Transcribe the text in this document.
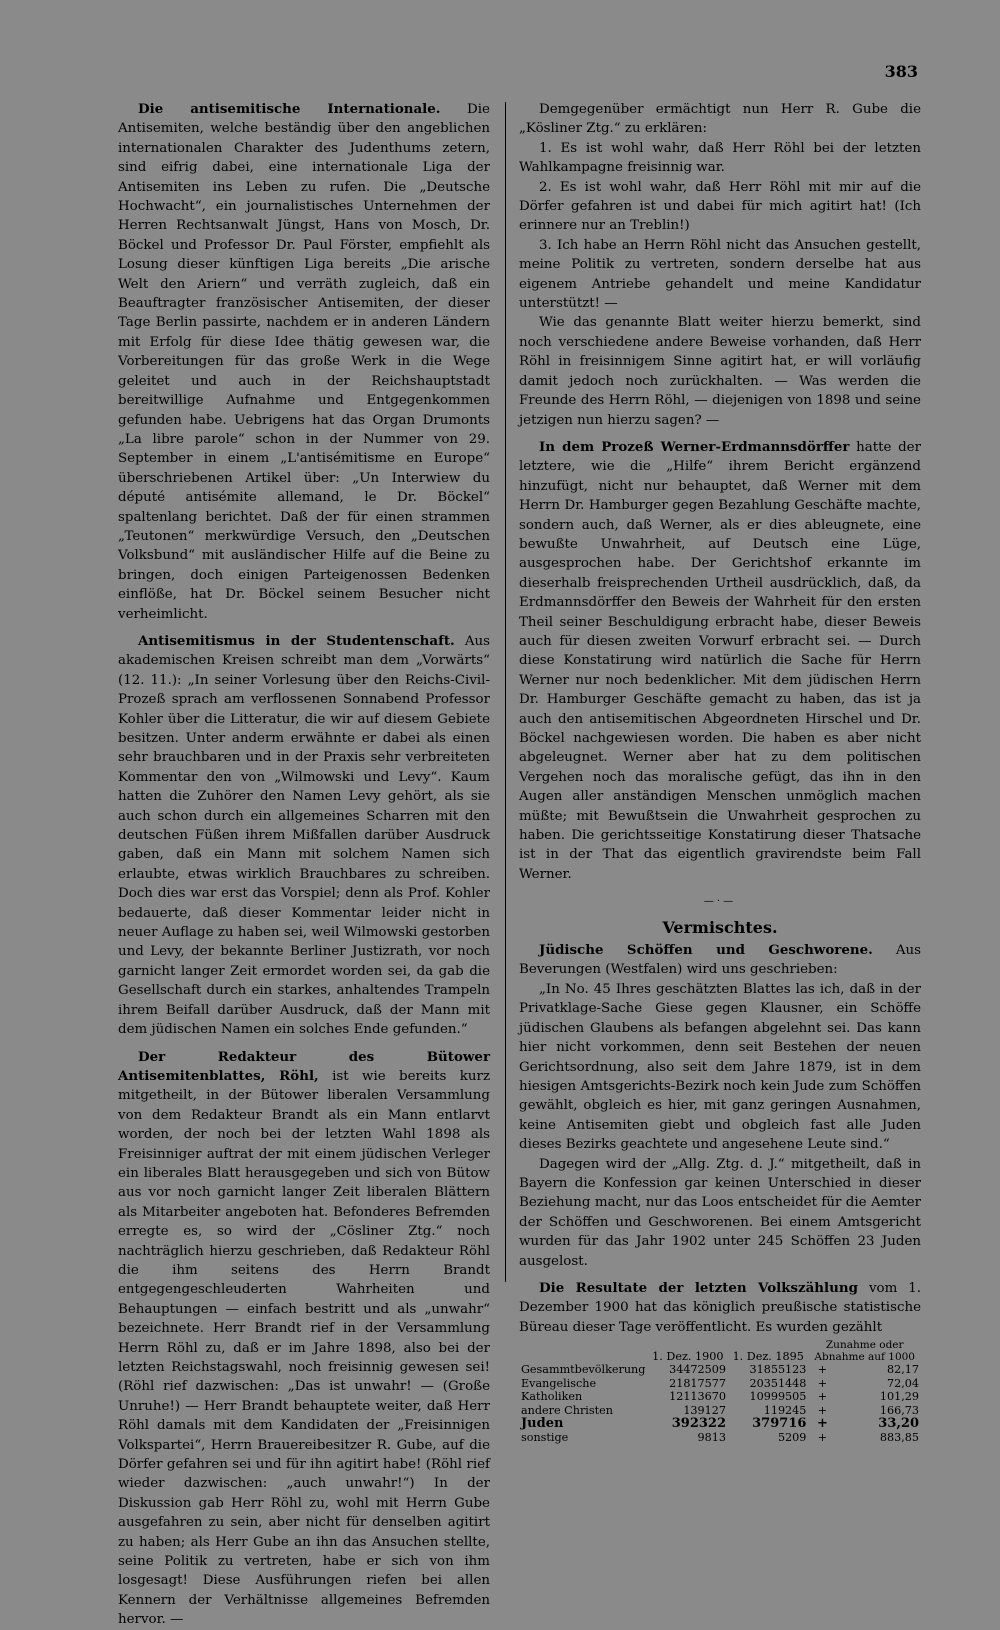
383

Die antisemitische Internationale. Die Antisemiten, welche beständig über den angeblichen internationalen Charakter des Judenthums zetern, sind eifrig dabei, eine internationale Liga der Antisemiten ins Leben zu rufen. Die „Deutsche Hochwacht“, ein journalistisches Unternehmen der Herren Rechtsanwalt Jüngst, Hans von Mosch, Dr. Böckel und Professor Dr. Paul Förster, empfiehlt als Losung dieser künftigen Liga bereits „Die arische Welt den Ariern“ und verräth zugleich, daß ein Beauftragter französischer Antisemiten, der dieser Tage Berlin passirte, nachdem er in anderen Ländern mit Erfolg für diese Idee thätig gewesen war, die Vorbereitungen für das große Werk in die Wege geleitet und auch in der Reichshauptstadt bereitwillige Aufnahme und Entgegenkommen gefunden habe. Uebrigens hat das Organ Drumonts „La libre parole“ schon in der Nummer von 29. September in einem „L'antisémitisme en Europe“ überschriebenen Artikel über: „Un Interwiew du député antisémite allemand, le Dr. Böckel“ spaltenlang berichtet. Daß der für einen strammen „Teutonen“ merkwürdige Versuch, den „Deutschen Volksbund“ mit ausländischer Hilfe auf die Beine zu bringen, doch einigen Parteigenossen Bedenken einflöße, hat Dr. Böckel seinem Besucher nicht verheimlicht.

Antisemitismus in der Studentenschaft. Aus akademischen Kreisen schreibt man dem „Vorwärts“ (12. 11.): „In seiner Vorlesung über den Reichs-Civil-Prozeß sprach am verflossenen Sonnabend Professor Kohler über die Litteratur, die wir auf diesem Gebiete besitzen. Unter anderm erwähnte er dabei als einen sehr brauchbaren und in der Praxis sehr verbreiteten Kommentar den von „Wilmowski und Levy“. Kaum hatten die Zuhörer den Namen Levy gehört, als sie auch schon durch ein allgemeines Scharren mit den deutschen Füßen ihrem Mißfallen darüber Ausdruck gaben, daß ein Mann mit solchem Namen sich erlaubte, etwas wirklich Brauchbares zu schreiben. Doch dies war erst das Vorspiel; denn als Prof. Kohler bedauerte, daß dieser Kommentar leider nicht in neuer Auflage zu haben sei, weil Wilmowski gestorben und Levy, der bekannte Berliner Justizrath, vor noch garnicht langer Zeit ermordet worden sei, da gab die Gesellschaft durch ein starkes, anhaltendes Trampeln ihrem Beifall darüber Ausdruck, daß der Mann mit dem jüdischen Namen ein solches Ende gefunden.“

Der Redakteur des Bütower Antisemitenblattes, Röhl, ist wie bereits kurz mitgetheilt, in der Bütower liberalen Versammlung von dem Redakteur Brandt als ein Mann entlarvt worden, der noch bei der letzten Wahl 1898 als Freisinniger auftrat der mit einem jüdischen Verleger ein liberales Blatt herausgegeben und sich von Bütow aus vor noch garnicht langer Zeit liberalen Blättern als Mitarbeiter angeboten hat. Befonderes Befremden erregte es, so wird der „Cösliner Ztg.“ noch nachträglich hierzu geschrieben, daß Redakteur Röhl die ihm seitens des Herrn Brandt entgegengeschleuderten Wahrheiten und Behauptungen — einfach bestritt und als „unwahr“ bezeichnete. Herr Brandt rief in der Versammlung Herrn Röhl zu, daß er im Jahre 1898, also bei der letzten Reichstagswahl, noch freisinnig gewesen sei! (Röhl rief dazwischen: „Das ist unwahr! — (Große Unruhe!) — Herr Brandt behauptete weiter, daß Herr Röhl damals mit dem Kandidaten der „Freisinnigen Volkspartei“, Herrn Brauereibesitzer R. Gube, auf die Dörfer gefahren sei und für ihn agitirt habe! (Röhl rief wieder dazwischen: „auch unwahr!“) In der Diskussion gab Herr Röhl zu, wohl mit Herrn Gube ausgefahren zu sein, aber nicht für denselben agitirt zu haben; als Herr Gube an ihn das Ansuchen stellte, seine Politik zu vertreten, habe er sich von ihm losgesagt! Diese Ausführungen riefen bei allen Kennern der Verhältnisse allgemeines Befremden hervor. —

Demgegenüber ermächtigt nun Herr R. Gube die „Kösliner Ztg.“ zu erklären:

1. Es ist wohl wahr, daß Herr Röhl bei der letzten Wahlkampagne freisinnig war.

2. Es ist wohl wahr, daß Herr Röhl mit mir auf die Dörfer gefahren ist und dabei für mich agitirt hat! (Ich erinnere nur an Treblin!)

3. Ich habe an Herrn Röhl nicht das Ansuchen gestellt, meine Politik zu vertreten, sondern derselbe hat aus eigenem Antriebe gehandelt und meine Kandidatur unterstützt! —

Wie das genannte Blatt weiter hierzu bemerkt, sind noch verschiedene andere Beweise vorhanden, daß Herr Röhl in freisinnigem Sinne agitirt hat, er will vorläufig damit jedoch noch zurückhalten. — Was werden die Freunde des Herrn Röhl, — diejenigen von 1898 und seine jetzigen nun hierzu sagen? —

In dem Prozeß Werner-Erdmannsdörffer hatte der letztere, wie die „Hilfe“ ihrem Bericht ergänzend hinzufügt, nicht nur behauptet, daß Werner mit dem Herrn Dr. Hamburger gegen Bezahlung Geschäfte machte, sondern auch, daß Werner, als er dies ableugnete, eine bewußte Unwahrheit, auf Deutsch eine Lüge, ausgesprochen habe. Der Gerichtshof erkannte im dieserhalb freisprechenden Urtheil ausdrücklich, daß, da Erdmannsdörffer den Beweis der Wahrheit für den ersten Theil seiner Beschuldigung erbracht habe, dieser Beweis auch für diesen zweiten Vorwurf erbracht sei. — Durch diese Konstatirung wird natürlich die Sache für Herrn Werner nur noch bedenklicher. Mit dem jüdischen Herrn Dr. Hamburger Geschäfte gemacht zu haben, das ist ja auch den antisemitischen Abgeordneten Hirschel und Dr. Böckel nachgewiesen worden. Die haben es aber nicht abgeleugnet. Werner aber hat zu dem politischen Vergehen noch das moralische gefügt, das ihn in den Augen aller anständigen Menschen unmöglich machen müßte; mit Bewußtsein die Unwahrheit gesprochen zu haben. Die gerichtsseitige Konstatirung dieser Thatsache ist in der That das eigentlich gravirendste beim Fall Werner.

—·—
Vermischtes.

Jüdische Schöffen und Geschworene. Aus Beverungen (Westfalen) wird uns geschrieben:

„In No. 45 Ihres geschätzten Blattes las ich, daß in der Privatklage-Sache Giese gegen Klausner, ein Schöffe jüdischen Glaubens als befangen abgelehnt sei. Das kann hier nicht vorkommen, denn seit Bestehen der neuen Gerichtsordnung, also seit dem Jahre 1879, ist in dem hiesigen Amtsgerichts-Bezirk noch kein Jude zum Schöffen gewählt, obgleich es hier, mit ganz geringen Ausnahmen, keine Antisemiten giebt und obgleich fast alle Juden dieses Bezirks geachtete und angesehene Leute sind.“

Dagegen wird der „Allg. Ztg. d. J.“ mitgetheilt, daß in Bayern die Konfession gar keinen Unterschied in dieser Beziehung macht, nur das Loos entscheidet für die Aemter der Schöffen und Geschworenen. Bei einem Amtsgericht wurden für das Jahr 1902 unter 245 Schöffen 23 Juden ausgelost.

Die Resultate der letzten Volkszählung vom 1. Dezember 1900 hat das königlich preußische statistische Büreau dieser Tage veröffentlicht. Es wurden gezählt

	1. Dez. 1900	1. Dez. 1895	Zunahme oder Abnahme auf 1000	
Gesammtbevölkerung	34472509	31855123	+	82,17
Evangelische	21817577	20351448	+	72,04
Katholiken	12113670	10999505	+	101,29
andere Christen	139127	119245	+	166,73
Juden	392322	379716	+	33,20
sonstige	9813	5209	+	883,85
